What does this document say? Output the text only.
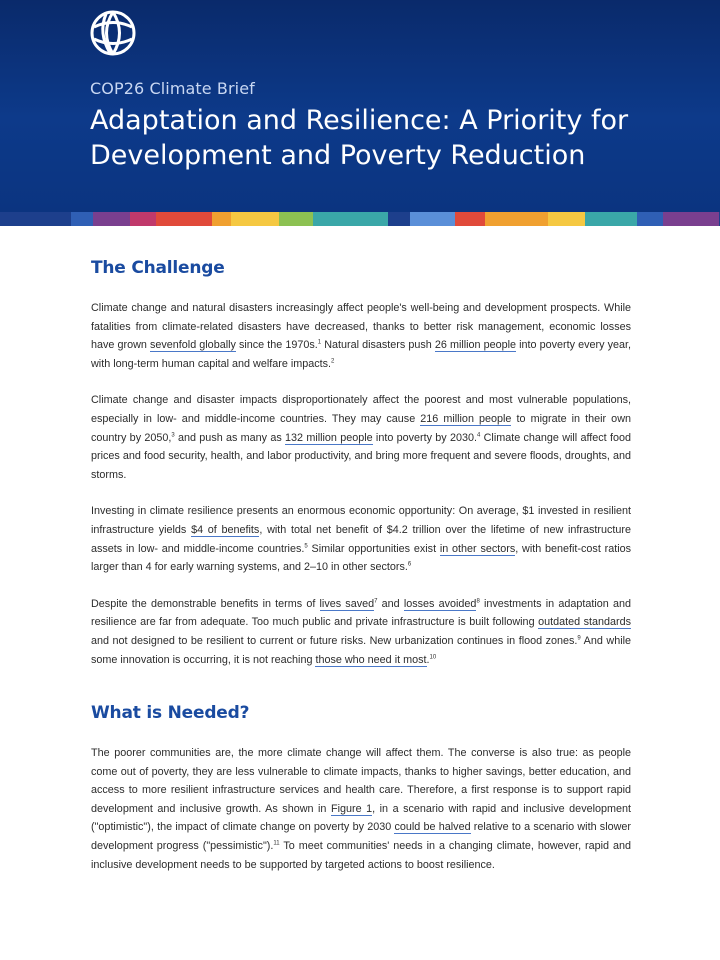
COP26 Climate Brief
Adaptation and Resilience: A Priority for Development and Poverty Reduction
The Challenge

Climate change and natural disasters increasingly affect people's well-being and development prospects. While fatalities from climate-related disasters have decreased, thanks to better risk management, economic losses have grown sevenfold globally since the 1970s.$^1$ Natural disasters push 26 million people into poverty every year, with long-term human capital and welfare impacts.$^2$

Climate change and disaster impacts disproportionately affect the poorest and most vulnerable populations, especially in low- and middle-income countries. They may cause 216 million people to migrate in their own country by 2050,$^3$ and push as many as 132 million people into poverty by 2030.$^4$ Climate change will affect food prices and food security, health, and labor productivity, and bring more frequent and severe floods, droughts, and storms.

Investing in climate resilience presents an enormous economic opportunity: On average, $1 invested in resilient infrastructure yields $4 of benefits, with total net benefit of $4.2 trillion over the lifetime of new infrastructure assets in low- and middle-income countries.$^5$ Similar opportunities exist in other sectors, with benefit-cost ratios larger than 4 for early warning systems, and 2–10 in other sectors.$^6$

Despite the demonstrable benefits in terms of lives saved$^7$ and losses avoided$^8$ investments in adaptation and resilience are far from adequate. Too much public and private infrastructure is built following outdated standards and not designed to be resilient to current or future risks. New urbanization continues in flood zones.$^9$ And while some innovation is occurring, it is not reaching those who need it most.$^{10}$

What is Needed?

The poorer communities are, the more climate change will affect them. The converse is also true: as people come out of poverty, they are less vulnerable to climate impacts, thanks to higher savings, better education, and access to more resilient infrastructure services and health care. Therefore, a first response is to support rapid development and inclusive growth. As shown in Figure 1, in a scenario with rapid and inclusive development ("optimistic"), the impact of climate change on poverty by 2030 could be halved relative to a scenario with slower development progress ("pessimistic").$^{11}$ To meet communities' needs in a changing climate, however, rapid and inclusive development needs to be supported by targeted actions to boost resilience.
